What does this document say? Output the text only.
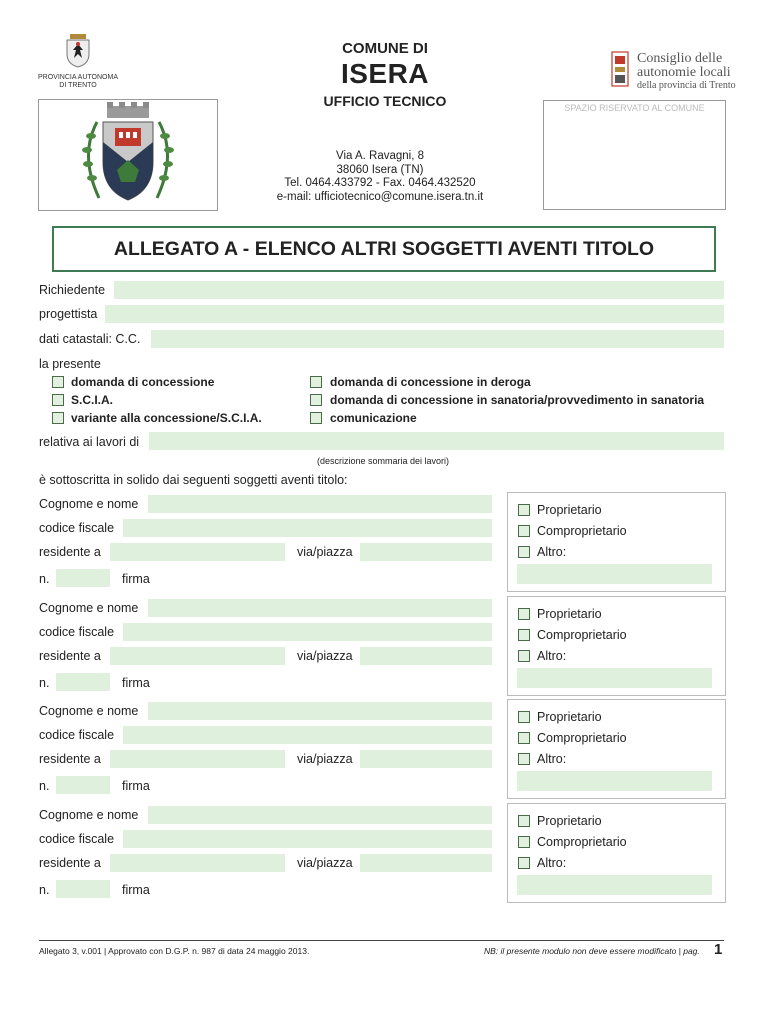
PROVINCIA AUTONOMA
DI TRENTO
COMUNE DI
ISERA
UFFICIO TECNICO
Via A. Ravagni, 8
38060 Isera (TN)
Tel. 0464.433792 - Fax. 0464.432520
e-mail: ufficiotecnico@comune.isera.tn.it
Consiglio delle
autonomie locali
della provincia di Trento
SPAZIO RISERVATO AL COMUNE
ALLEGATO A - ELENCO ALTRI SOGGETTI AVENTI TITOLO
Richiedente
progettista
dati catastali: C.C.
la presente
domanda di concessione
S.C.I.A.
variante alla concessione/S.C.I.A.
domanda di concessione in deroga
domanda di concessione in sanatoria/provvedimento in sanatoria
comunicazione
relativa ai lavori di
(descrizione sommaria dei lavori)
è sottoscritta in solido dai seguenti soggetti aventi titolo:
Cognome e nome
codice fiscale
residente a	via/piazza
n.	firma
Proprietario
Comproprietario
Altro:
Cognome e nome
codice fiscale
residente a	via/piazza
n.	firma
Proprietario
Comproprietario
Altro:
Cognome e nome
codice fiscale
residente a	via/piazza
n.	firma
Proprietario
Comproprietario
Altro:
Cognome e nome
codice fiscale
residente a	via/piazza
n.	firma
Proprietario
Comproprietario
Altro:
Allegato 3, v.001 | Approvato con D.G.P. n. 987 di data 24 maggio 2013.	NB: il presente modulo non deve essere modificato | pag. 1
